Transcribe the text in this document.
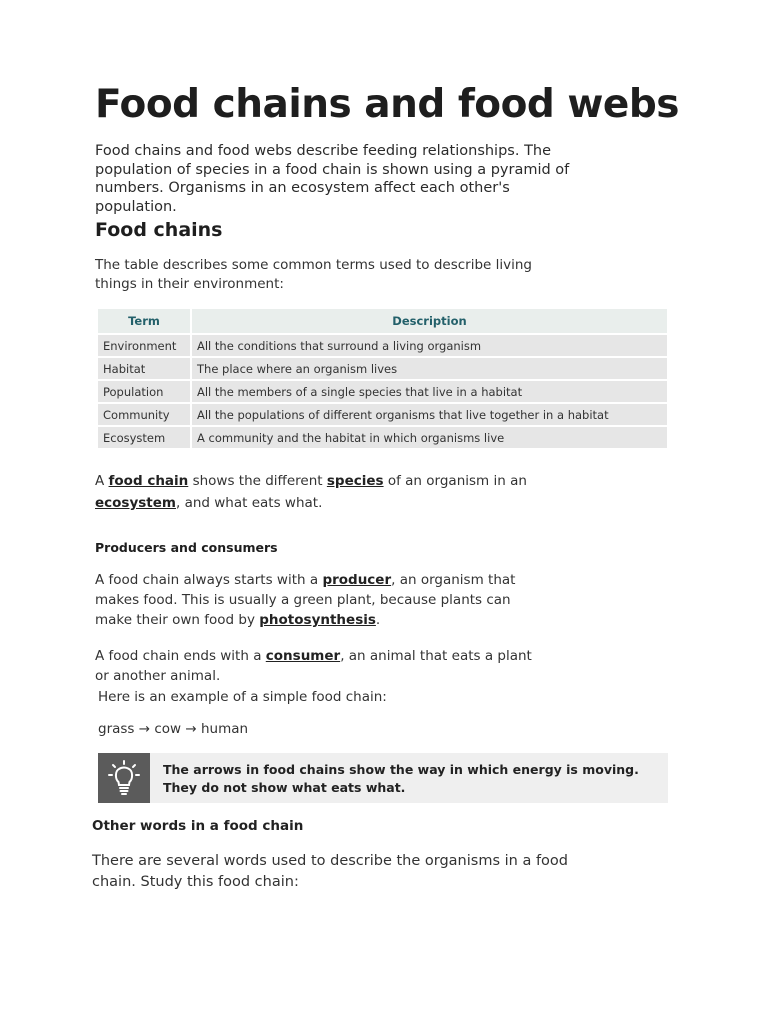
Food chains and food webs

Food chains and food webs describe feeding relationships. The population of species in a food chain is shown using a pyramid of numbers. Organisms in an ecosystem affect each other's population.

Food chains

The table describes some common terms used to describe living things in their environment:

Term	Description
Environment	All the conditions that surround a living organism
Habitat	The place where an organism lives
Population	All the members of a single species that live in a habitat
Community	All the populations of different organisms that live together in a habitat
Ecosystem	A community and the habitat in which organisms live

A food chain shows the different species of an organism in an ecosystem, and what eats what.

Producers and consumers

A food chain always starts with a producer, an organism that makes food. This is usually a green plant, because plants can make their own food by photosynthesis.

A food chain ends with a consumer, an animal that eats a plant or another animal.

Here is an example of a simple food chain:

grass → cow → human

The arrows in food chains show the way in which energy is moving. They do not show what eats what.

Other words in a food chain

There are several words used to describe the organisms in a food chain. Study this food chain:
